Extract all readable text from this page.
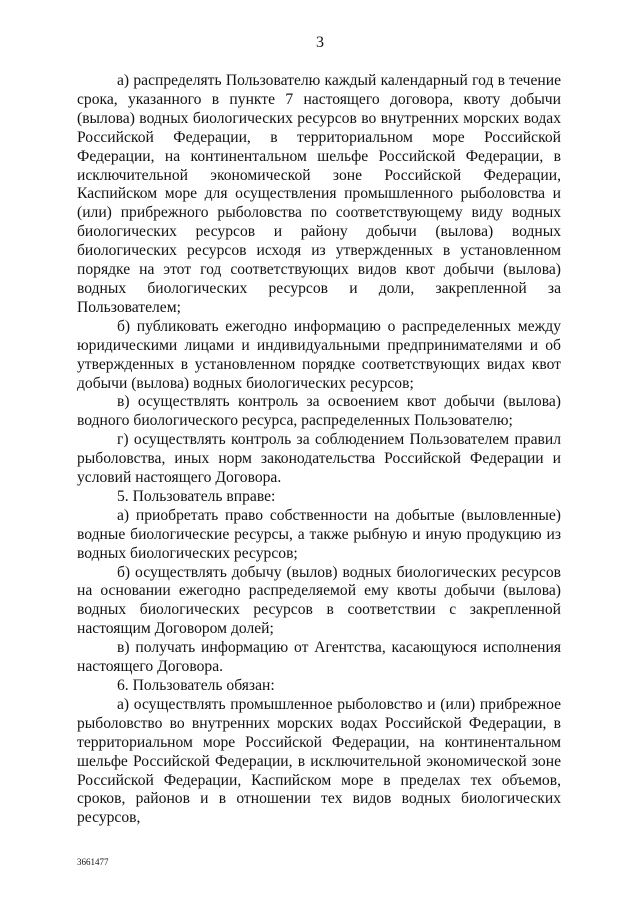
3

а) распределять Пользователю каждый календарный год в течение срока, указанного в пункте 7 настоящего договора, квоту добычи (вылова) водных биологических ресурсов во внутренних морских водах Российской Федерации, в территориальном море Российской Федерации, на континентальном шельфе Российской Федерации, в исключительной экономической зоне Российской Федерации, Каспийском море для осуществления промышленного рыболовства и (или) прибрежного рыболовства по соответствующему виду водных биологических ресурсов и району добычи (вылова) водных биологических ресурсов исходя из утвержденных в установленном порядке на этот год соответствующих видов квот добычи (вылова) водных биологических ресурсов и доли, закрепленной за Пользователем;

б) публиковать ежегодно информацию о распределенных между юридическими лицами и индивидуальными предпринимателями и об утвержденных в установленном порядке соответствующих видах квот добычи (вылова) водных биологических ресурсов;

в) осуществлять контроль за освоением квот добычи (вылова) водного биологического ресурса, распределенных Пользователю;

г) осуществлять контроль за соблюдением Пользователем правил рыболовства, иных норм законодательства Российской Федерации и условий настоящего Договора.

5. Пользователь вправе:

а) приобретать право собственности на добытые (выловленные) водные биологические ресурсы, а также рыбную и иную продукцию из водных биологических ресурсов;

б) осуществлять добычу (вылов) водных биологических ресурсов на основании ежегодно распределяемой ему квоты добычи (вылова) водных биологических ресурсов в соответствии с закрепленной настоящим Договором долей;

в) получать информацию от Агентства, касающуюся исполнения настоящего Договора.

6. Пользователь обязан:

а) осуществлять промышленное рыболовство и (или) прибрежное рыболовство во внутренних морских водах Российской Федерации, в территориальном море Российской Федерации, на континентальном шельфе Российской Федерации, в исключительной экономической зоне Российской Федерации, Каспийском море в пределах тех объемов, сроков, районов и в отношении тех видов водных биологических ресурсов,

3661477
